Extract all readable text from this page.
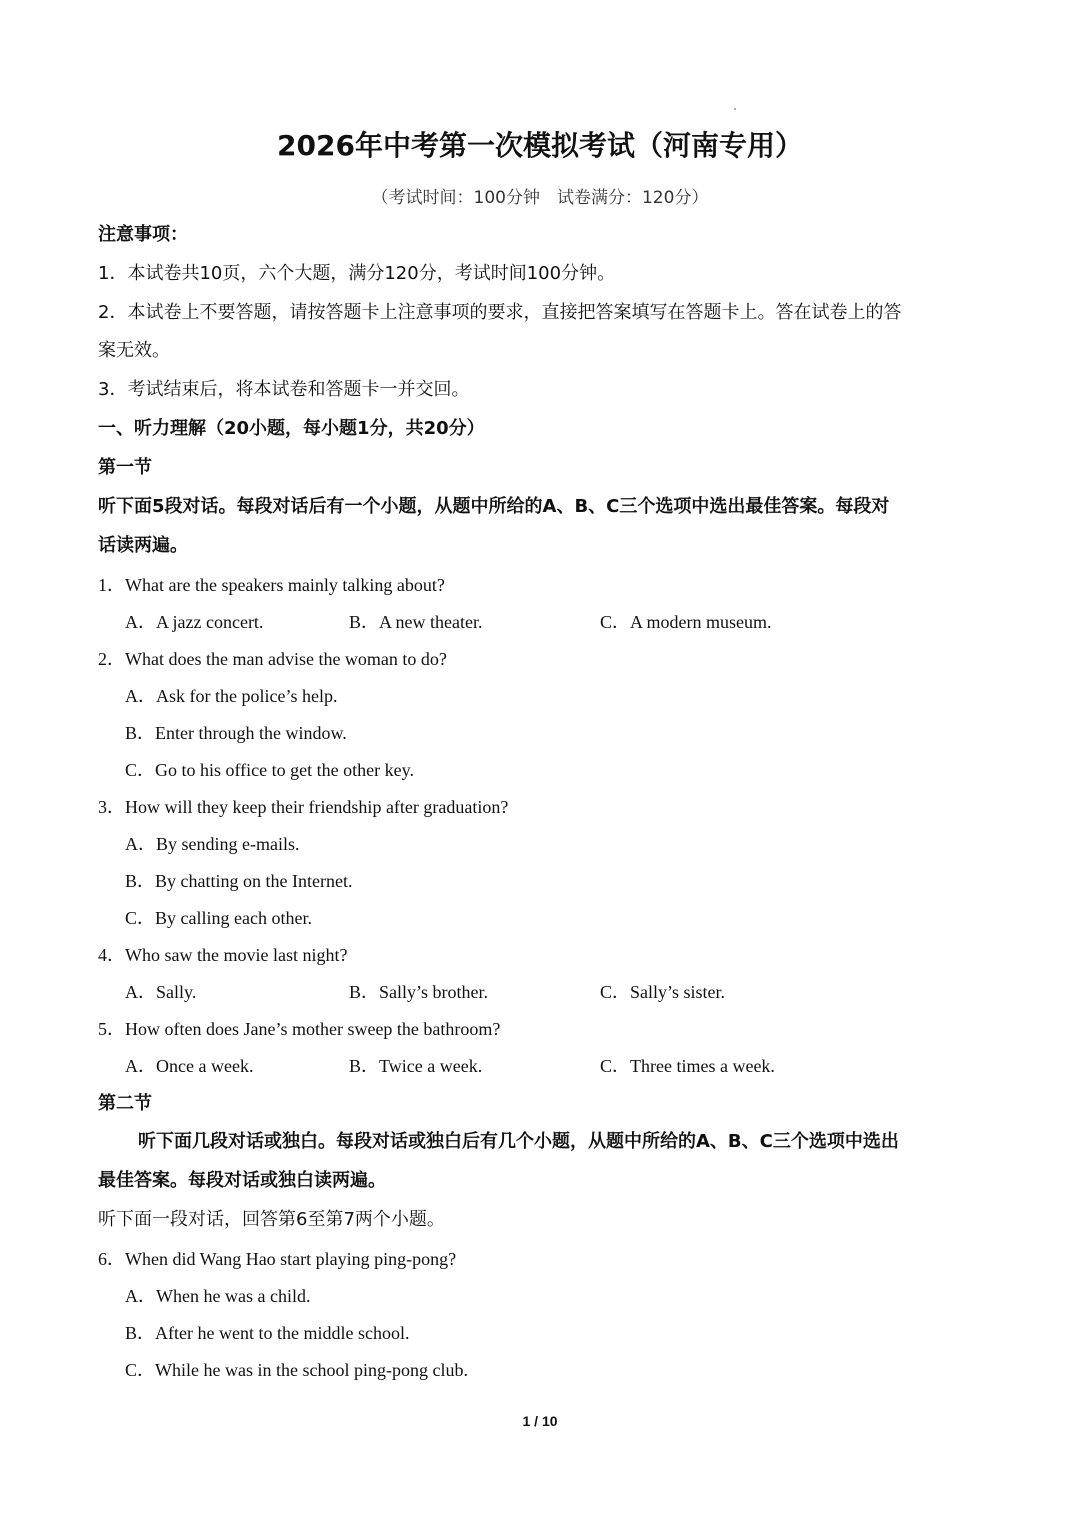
2026年中考第一次模拟考试（河南专用）
（考试时间：100分钟　试卷满分：120分）
注意事项：
1．本试卷共10页，六个大题，满分120分，考试时间100分钟。
2．本试卷上不要答题，请按答题卡上注意事项的要求，直接把答案填写在答题卡上。答在试卷上的答
案无效。
3．考试结束后，将本试卷和答题卡一并交回。
一、听力理解（20小题，每小题1分，共20分）
第一节
听下面5段对话。每段对话后有一个小题，从题中所给的A、B、C三个选项中选出最佳答案。每段对
话读两遍。
1．What are the speakers mainly talking about?
A．A jazz concert.	B．A new theater.	C．A modern museum.
2．What does the man advise the woman to do?
A．Ask for the police’s help.
B．Enter through the window.
C．Go to his office to get the other key.
3．How will they keep their friendship after graduation?
A．By sending e-mails.
B．By chatting on the Internet.
C．By calling each other.
4．Who saw the movie last night?
A．Sally.	B．Sally’s brother.	C．Sally’s sister.
5．How often does Jane’s mother sweep the bathroom?
A．Once a week.	B．Twice a week.	C．Three times a week.
第二节
听下面几段对话或独白。每段对话或独白后有几个小题，从题中所给的A、B、C三个选项中选出
最佳答案。每段对话或独白读两遍。
听下面一段对话，回答第6至第7两个小题。
6．When did Wang Hao start playing ping-pong?
A．When he was a child.
B．After he went to the middle school.
C．While he was in the school ping-pong club.
1 / 10
